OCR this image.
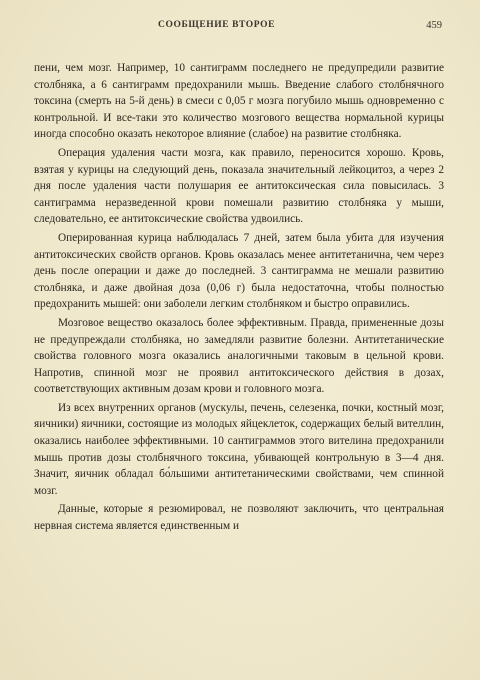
СООБЩЕНИЕ ВТОРОЕ	459

пени, чем мозг. Например, 10 сантиграмм последнего не предупредили развитие столбняка, а 6 сантиграмм предохранили мышь. Введение слабого столбнячного токсина (смерть на 5-й день) в смеси с 0,05 г мозга погубило мышь одновременно с контрольной. И все-таки это количество мозгового вещества нормальной курицы иногда способно оказать некоторое влияние (слабое) на развитие столбняка.

Операция удаления части мозга, как правило, переносится хорошо. Кровь, взятая у курицы на следующий день, показала значительный лейкоцитоз, а через 2 дня после удаления части полушария ее антитоксическая сила повысилась. 3 сантиграмма неразведенной крови помешали развитию столбняка у мыши, следовательно, ее антитоксические свойства удвоились.

Оперированная курица наблюдалась 7 дней, затем была убита для изучения антитоксических свойств органов. Кровь оказалась менее антитетанична, чем через день после операции и даже до последней. 3 сантиграмма не мешали развитию столбняка, и даже двойная доза (0,06 г) была недостаточна, чтобы полностью предохранить мышей: они заболели легким столбняком и быстро оправились.

Мозговое вещество оказалось более эффективным. Правда, примененные дозы не предупреждали столбняка, но замедляли развитие болезни. Антитетанические свойства головного мозга оказались аналогичными таковым в цельной крови. Напротив, спинной мозг не проявил антитоксического действия в дозах, соответствующих активным дозам крови и головного мозга.

Из всех внутренних органов (мускулы, печень, селезенка, почки, костный мозг, яичники) яичники, состоящие из молодых яйцеклеток, содержащих белый вителлин, оказались наиболее эффективными. 10 сантиграммов этого вителина предохранили мышь против дозы столбнячного токсина, убивающей контрольную в 3—4 дня. Значит, яичник обладал бо́льшими антитетаническими свойствами, чем спинной мозг.

Данные, которые я резюмировал, не позволяют заключить, что центральная нервная система является единственным и
